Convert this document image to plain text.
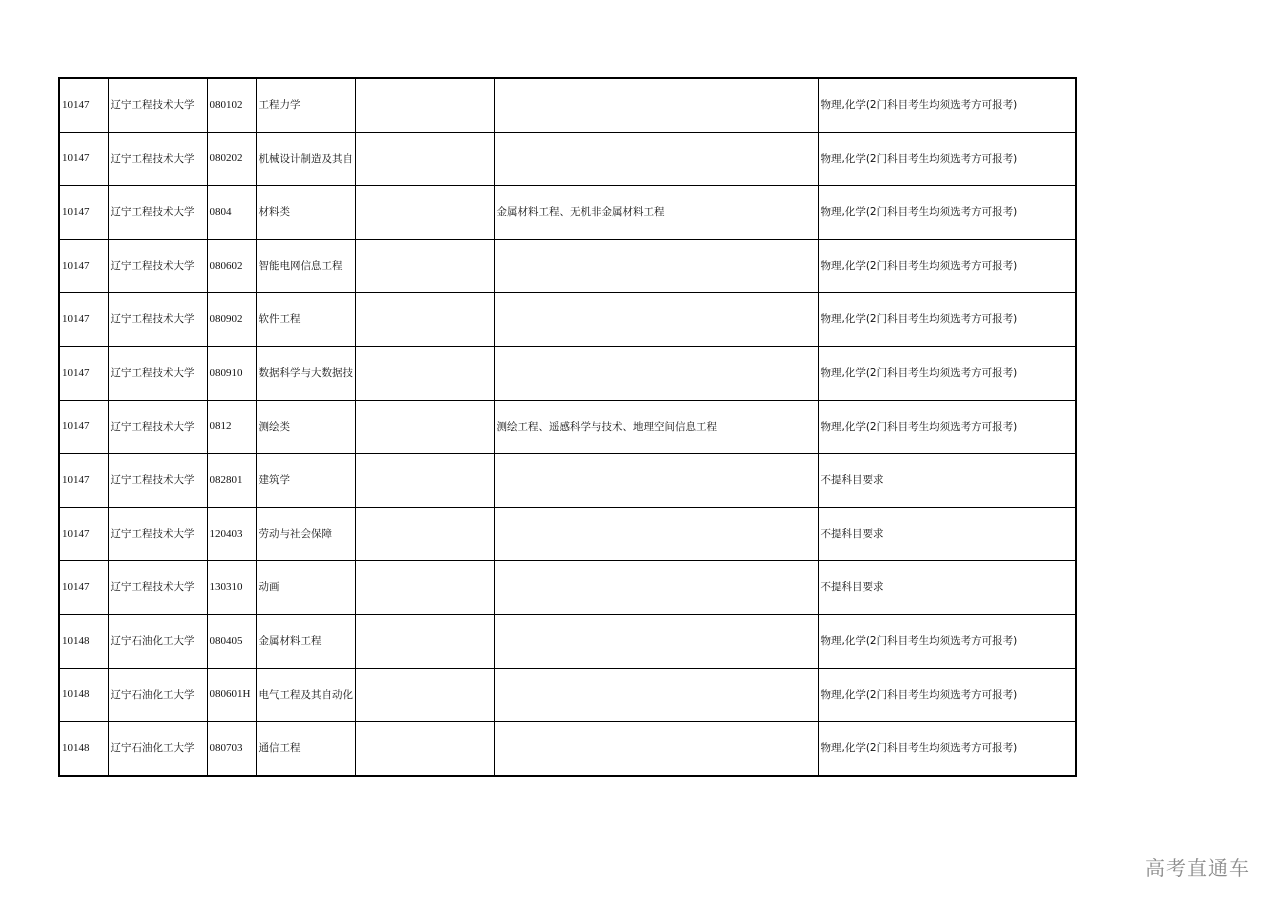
10147	辽宁工程技术大学	080102	工程力学			物理,化学(2门科目考生均须选考方可报考)
10147	辽宁工程技术大学	080202	机械设计制造及其自			物理,化学(2门科目考生均须选考方可报考)
10147	辽宁工程技术大学	0804	材料类		金属材料工程、无机非金属材料工程	物理,化学(2门科目考生均须选考方可报考)
10147	辽宁工程技术大学	080602	智能电网信息工程			物理,化学(2门科目考生均须选考方可报考)
10147	辽宁工程技术大学	080902	软件工程			物理,化学(2门科目考生均须选考方可报考)
10147	辽宁工程技术大学	080910	数据科学与大数据技			物理,化学(2门科目考生均须选考方可报考)
10147	辽宁工程技术大学	0812	测绘类		测绘工程、遥感科学与技术、地理空间信息工程	物理,化学(2门科目考生均须选考方可报考)
10147	辽宁工程技术大学	082801	建筑学			不提科目要求
10147	辽宁工程技术大学	120403	劳动与社会保障			不提科目要求
10147	辽宁工程技术大学	130310	动画			不提科目要求
10148	辽宁石油化工大学	080405	金属材料工程			物理,化学(2门科目考生均须选考方可报考)
10148	辽宁石油化工大学	080601H	电气工程及其自动化			物理,化学(2门科目考生均须选考方可报考)
10148	辽宁石油化工大学	080703	通信工程			物理,化学(2门科目考生均须选考方可报考)
高考直通车
